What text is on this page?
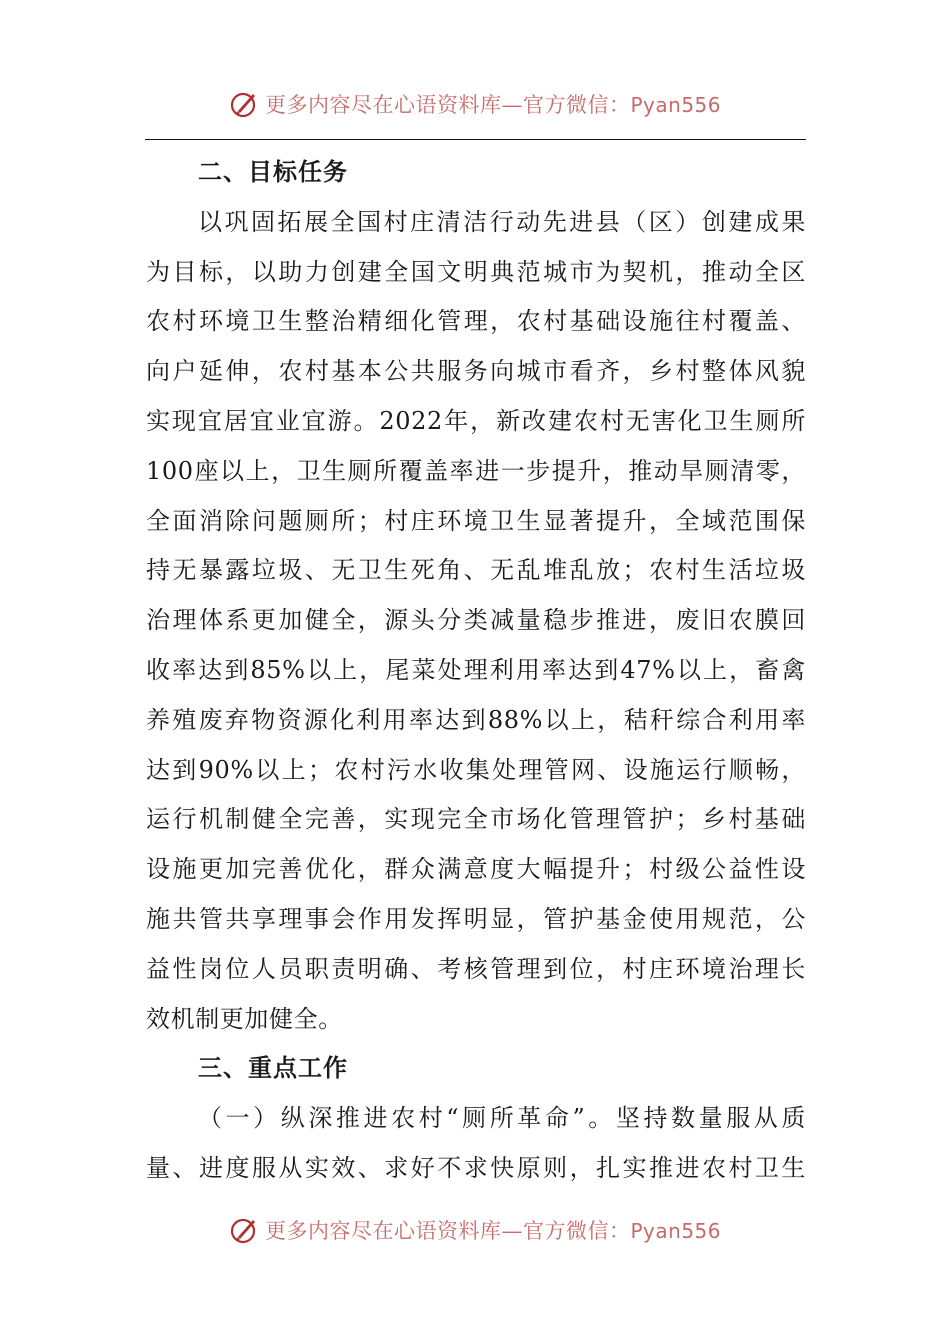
更多内容尽在心语资料库—官方微信：Pyan556
二、目标任务
以巩固拓展全国村庄清洁行动先进县（区）创建成果
为目标，以助力创建全国文明典范城市为契机，推动全区
农村环境卫生整治精细化管理，农村基础设施往村覆盖、
向户延伸，农村基本公共服务向城市看齐，乡村整体风貌
实现宜居宜业宜游。2022年，新改建农村无害化卫生厕所
100座以上，卫生厕所覆盖率进一步提升，推动旱厕清零，
全面消除问题厕所；村庄环境卫生显著提升，全域范围保
持无暴露垃圾、无卫生死角、无乱堆乱放；农村生活垃圾
治理体系更加健全，源头分类减量稳步推进，废旧农膜回
收率达到85%以上，尾菜处理利用率达到47%以上，畜禽
养殖废弃物资源化利用率达到88%以上，秸秆综合利用率
达到90%以上；农村污水收集处理管网、设施运行顺畅，
运行机制健全完善，实现完全市场化管理管护；乡村基础
设施更加完善优化，群众满意度大幅提升；村级公益性设
施共管共享理事会作用发挥明显，管护基金使用规范，公
益性岗位人员职责明确、考核管理到位，村庄环境治理长
效机制更加健全。
三、重点工作
（一）纵深推进农村“厕所革命”。坚持数量服从质
量、进度服从实效、求好不求快原则，扎实推进农村卫生
更多内容尽在心语资料库—官方微信：Pyan556
